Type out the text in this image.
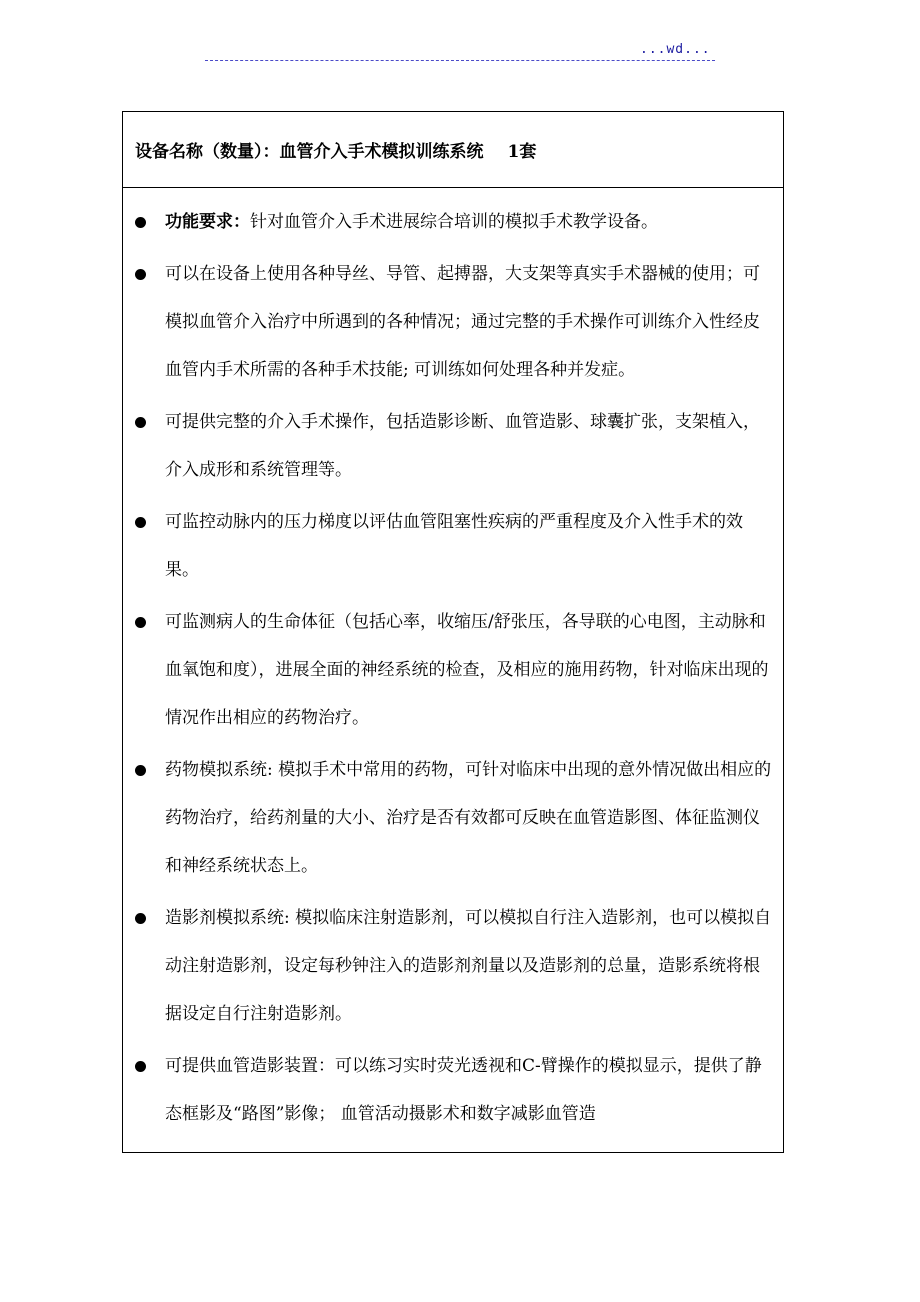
...wd...
设备名称（数量）：血管介入手术模拟训练系统 1套
功能要求：针对血管介入手术进展综合培训的模拟手术教学设备。
可以在设备上使用各种导丝、导管、起搏器，大支架等真实手术器械的使用；可模拟血管介入治疗中所遇到的各种情况；通过完整的手术操作可训练介入性经皮血管内手术所需的各种手术技能; 可训练如何处理各种并发症。
可提供完整的介入手术操作，包括造影诊断、血管造影、球囊扩张，支架植入，介入成形和系统管理等。
可监控动脉内的压力梯度以评估血管阻塞性疾病的严重程度及介入性手术的效果。
可监测病人的生命体征（包括心率，收缩压/舒张压，各导联的心电图，主动脉和血氧饱和度），进展全面的神经系统的检查，及相应的施用药物，针对临床出现的情况作出相应的药物治疗。
药物模拟系统: 模拟手术中常用的药物，可针对临床中出现的意外情况做出相应的药物治疗，给药剂量的大小、治疗是否有效都可反映在血管造影图、体征监测仪和神经系统状态上。
造影剂模拟系统: 模拟临床注射造影剂，可以模拟自行注入造影剂，也可以模拟自动注射造影剂，设定每秒钟注入的造影剂剂量以及造影剂的总量，造影系统将根据设定自行注射造影剂。
可提供血管造影装置：可以练习实时荧光透视和C-臂操作的模拟显示，提供了静态框影及“路图”影像； 血管活动摄影术和数字减影血管造
